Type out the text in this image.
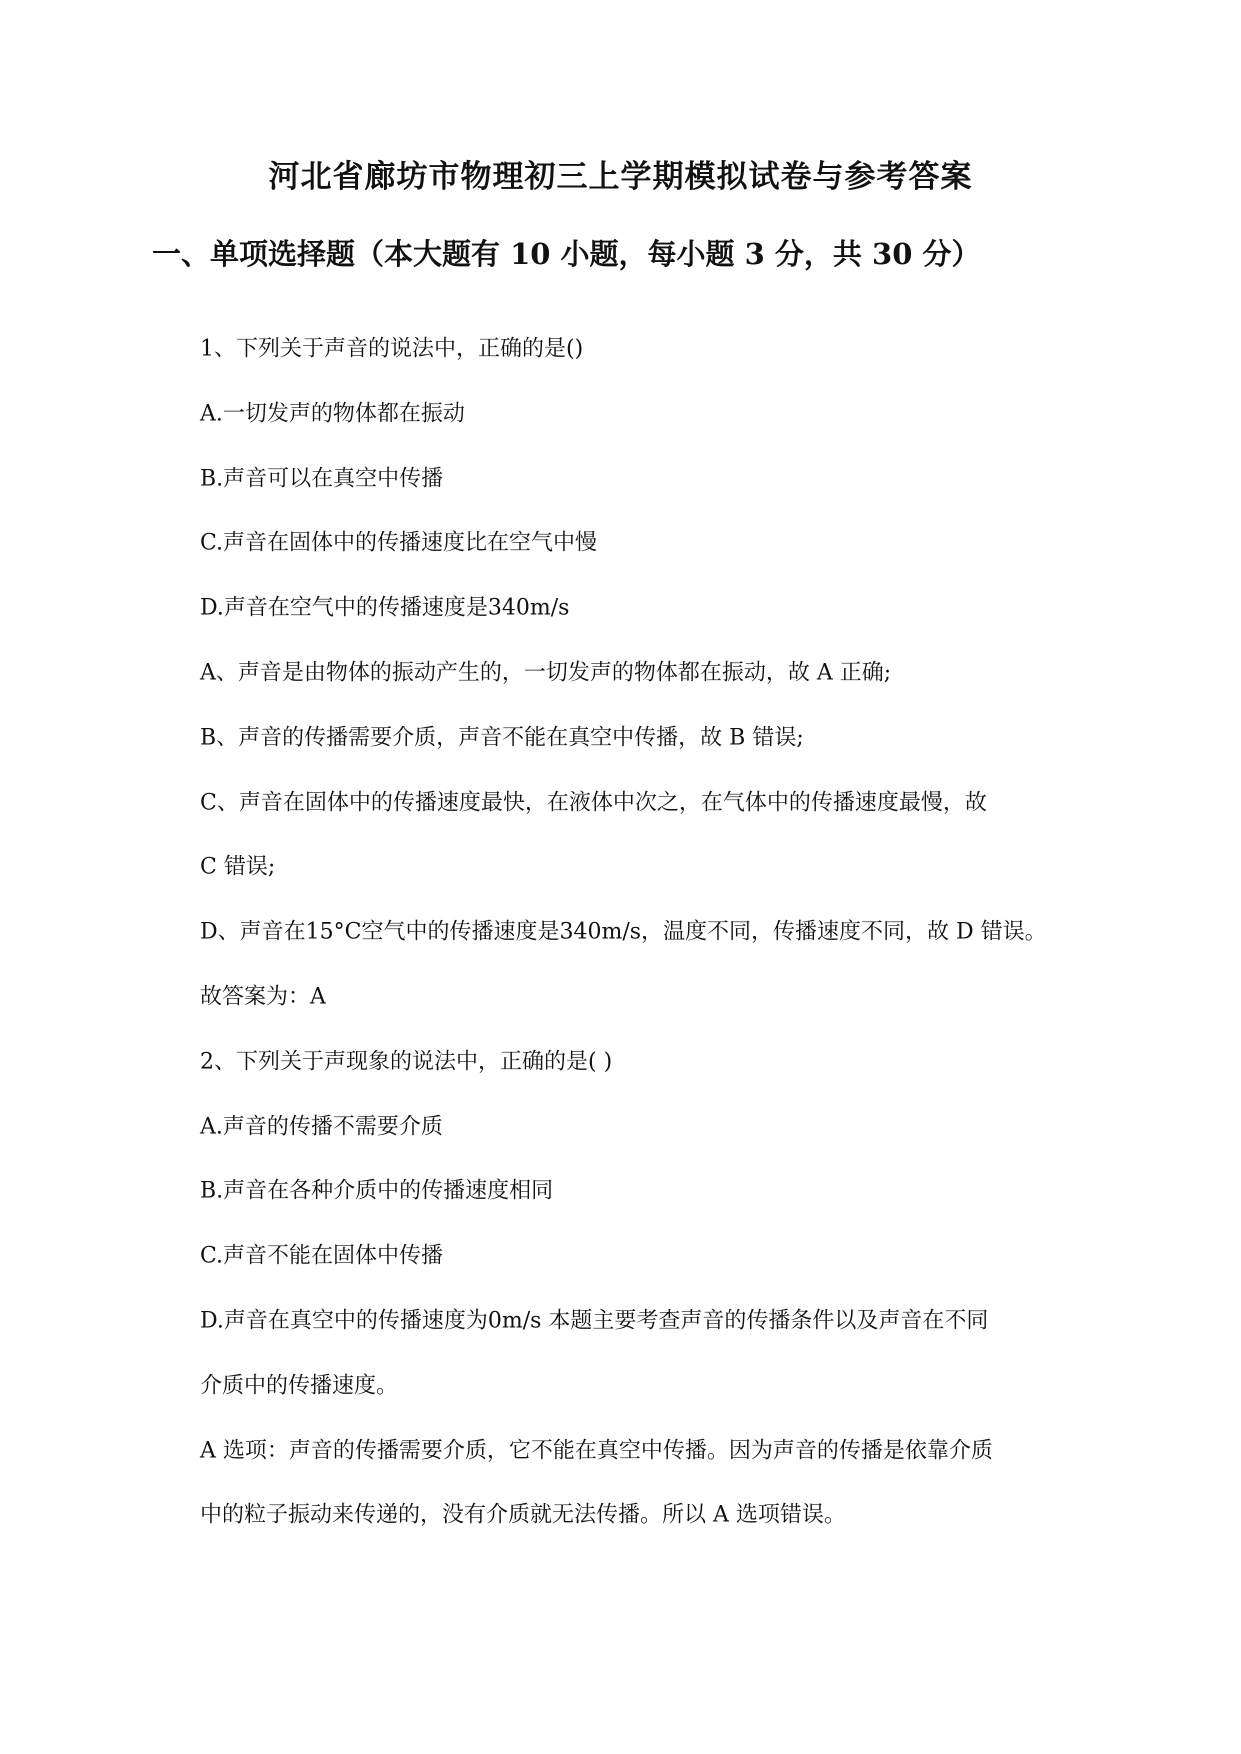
河北省廊坊市物理初三上学期模拟试卷与参考答案
一、单项选择题（本大题有 10 小题，每小题 3 分，共 30 分）
1、下列关于声音的说法中，正确的是()
A.一切发声的物体都在振动
B.声音可以在真空中传播
C.声音在固体中的传播速度比在空气中慢
D.声音在空气中的传播速度是340m/s
A、声音是由物体的振动产生的，一切发声的物体都在振动，故 A 正确;
B、声音的传播需要介质，声音不能在真空中传播，故 B 错误;
C、声音在固体中的传播速度最快，在液体中次之，在气体中的传播速度最慢，故
C 错误;
D、声音在15°C空气中的传播速度是340m/s，温度不同，传播速度不同，故 D 错误。
故答案为：A
2、下列关于声现象的说法中，正确的是( )
A.声音的传播不需要介质
B.声音在各种介质中的传播速度相同
C.声音不能在固体中传播
D.声音在真空中的传播速度为0m/s 本题主要考查声音的传播条件以及声音在不同
介质中的传播速度。
A 选项：声音的传播需要介质，它不能在真空中传播。因为声音的传播是依靠介质
中的粒子振动来传递的，没有介质就无法传播。所以 A 选项错误。
